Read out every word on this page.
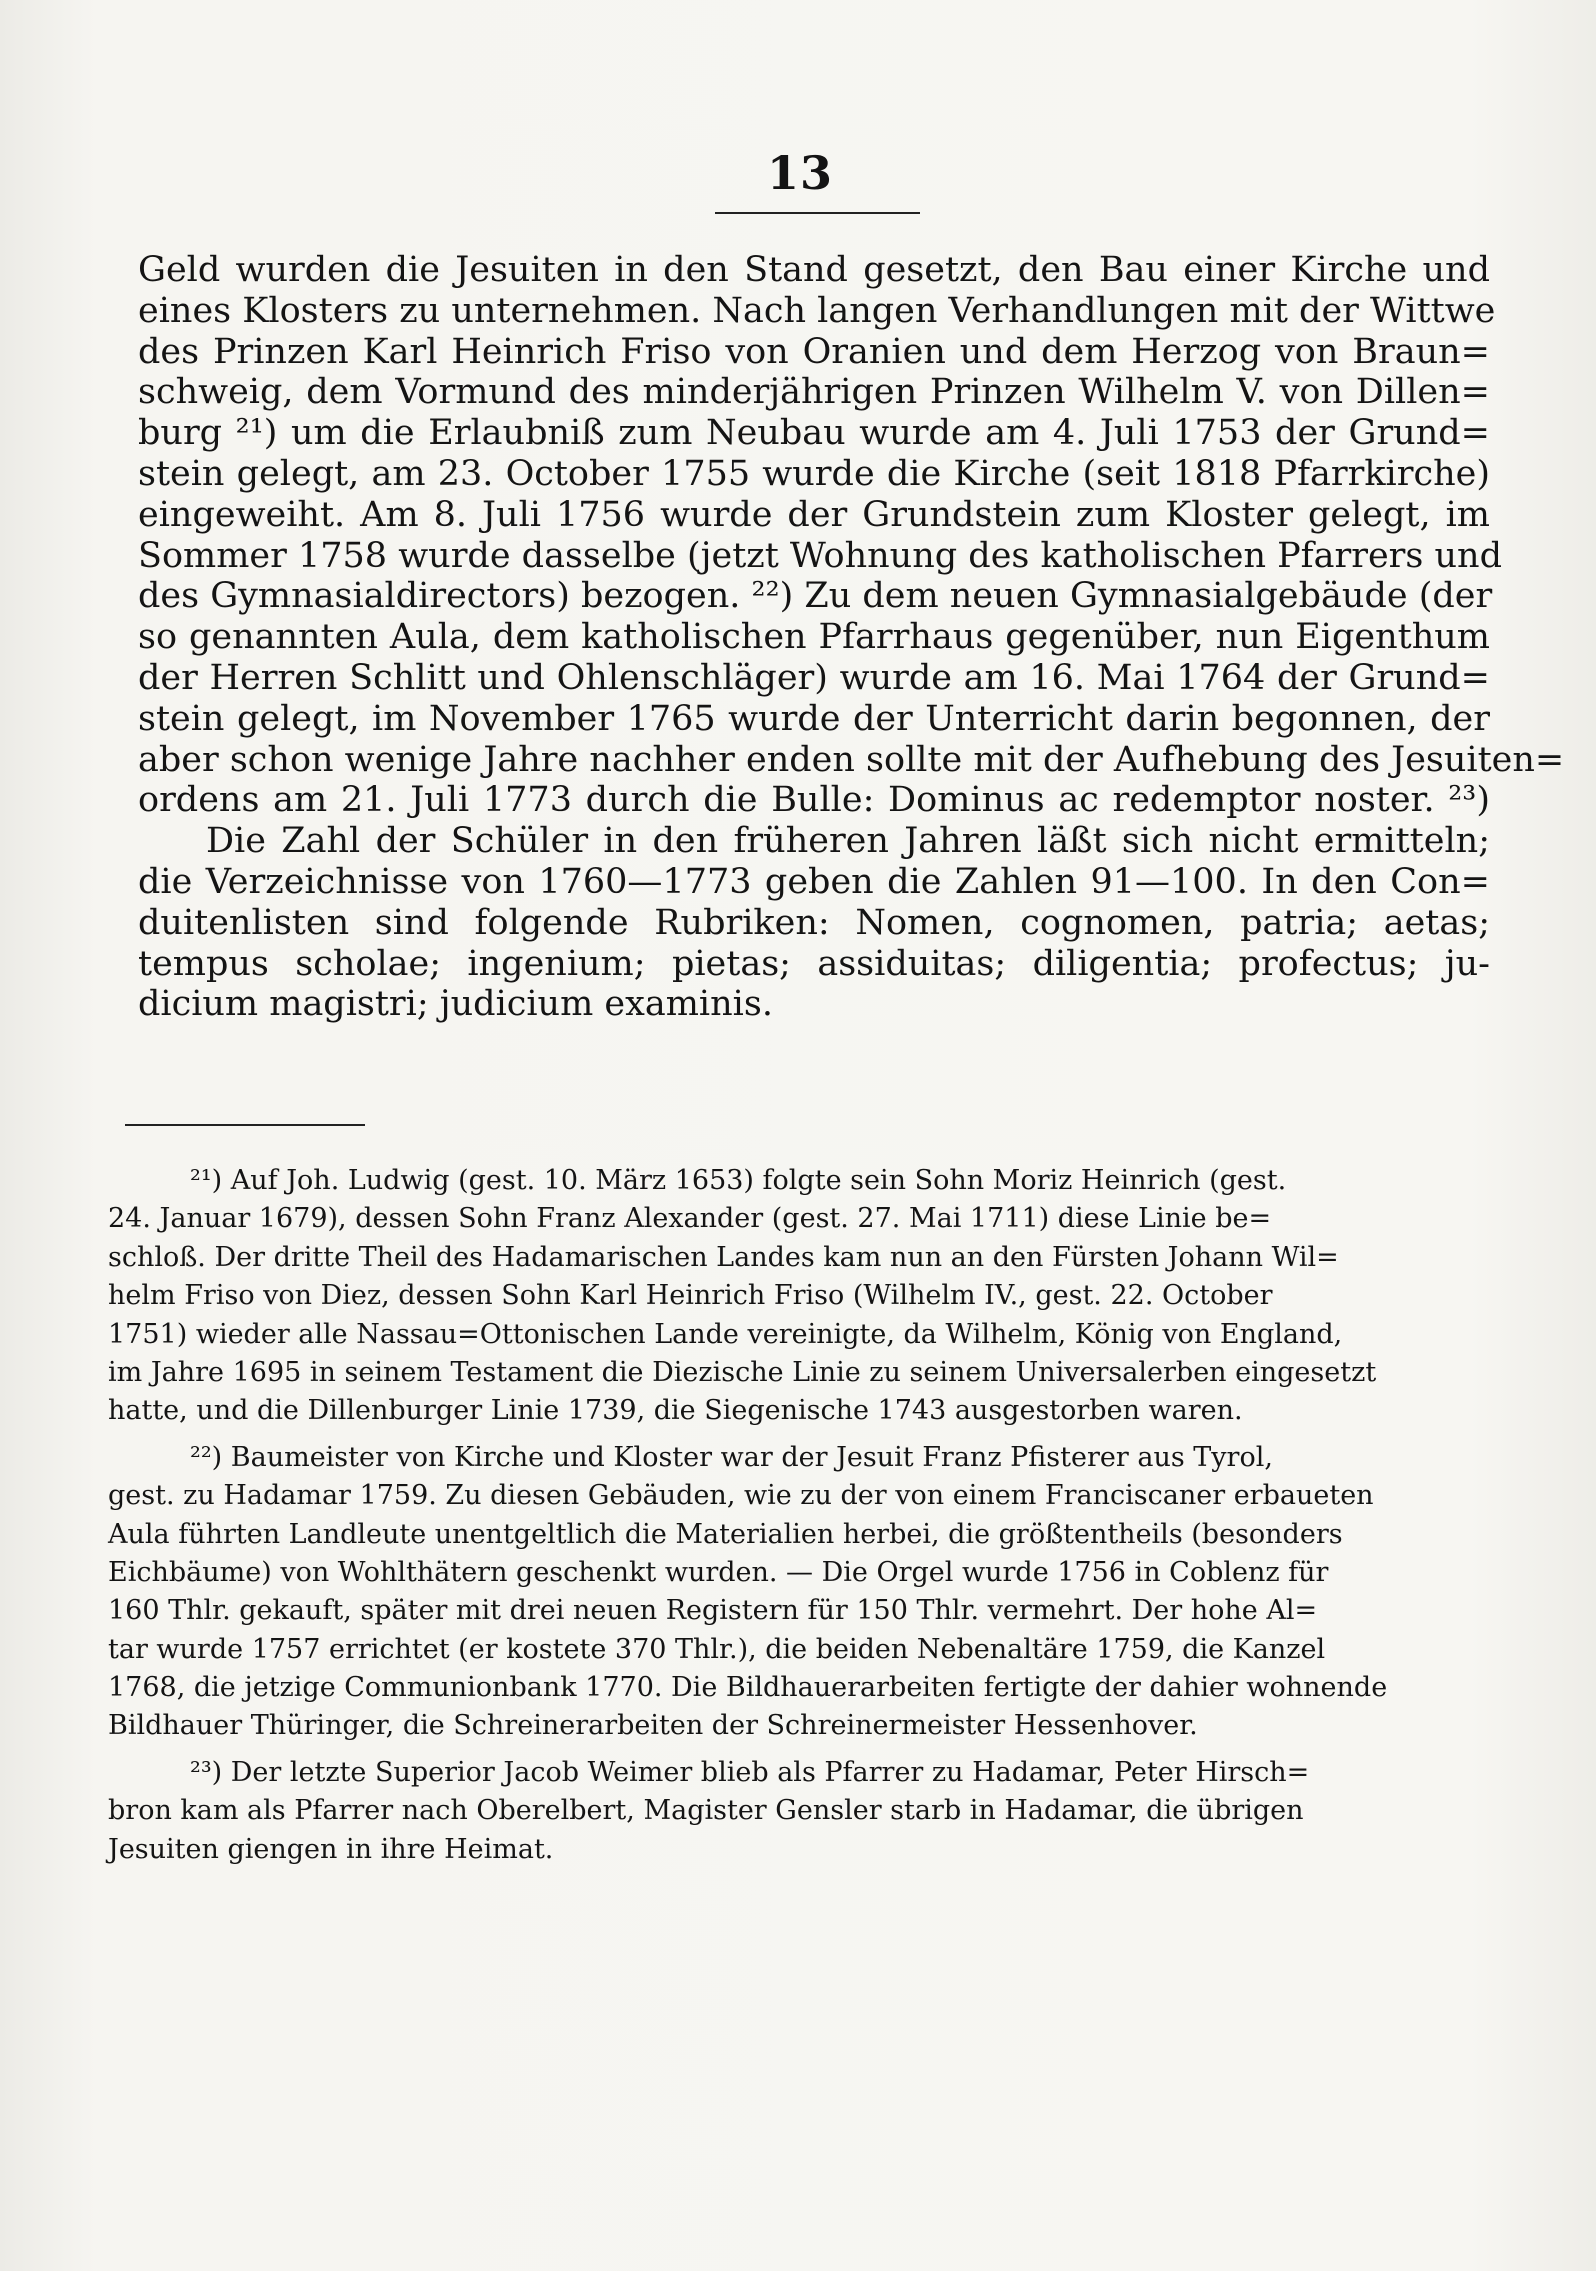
13
Geld wurden die Jesuiten in den Stand gesetzt, den Bau einer Kirche und
eines Klosters zu unternehmen. Nach langen Verhandlungen mit der Wittwe
des Prinzen Karl Heinrich Friso von Oranien und dem Herzog von Braun=
schweig, dem Vormund des minderjährigen Prinzen Wilhelm V. von Dillen=
burg ²¹) um die Erlaubniß zum Neubau wurde am 4. Juli 1753 der Grund=
stein gelegt, am 23. October 1755 wurde die Kirche (seit 1818 Pfarrkirche)
eingeweiht. Am 8. Juli 1756 wurde der Grundstein zum Kloster gelegt, im
Sommer 1758 wurde dasselbe (jetzt Wohnung des katholischen Pfarrers und
des Gymnasialdirectors) bezogen. ²²) Zu dem neuen Gymnasialgebäude (der
so genannten Aula, dem katholischen Pfarrhaus gegenüber, nun Eigenthum
der Herren Schlitt und Ohlenschläger) wurde am 16. Mai 1764 der Grund=
stein gelegt, im November 1765 wurde der Unterricht darin begonnen, der
aber schon wenige Jahre nachher enden sollte mit der Aufhebung des Jesuiten=
ordens am 21. Juli 1773 durch die Bulle: Dominus ac redemptor noster. ²³)
Die Zahl der Schüler in den früheren Jahren läßt sich nicht ermitteln;
die Verzeichnisse von 1760—1773 geben die Zahlen 91—100. In den Con=
duitenlisten sind folgende Rubriken: Nomen, cognomen, patria; aetas;
tempus scholae; ingenium; pietas; assiduitas; diligentia; profectus; ju-
dicium magistri; judicium examinis.
²¹) Auf Joh. Ludwig (gest. 10. März 1653) folgte sein Sohn Moriz Heinrich (gest.
24. Januar 1679), dessen Sohn Franz Alexander (gest. 27. Mai 1711) diese Linie be=
schloß. Der dritte Theil des Hadamarischen Landes kam nun an den Fürsten Johann Wil=
helm Friso von Diez, dessen Sohn Karl Heinrich Friso (Wilhelm IV., gest. 22. October
1751) wieder alle Nassau=Ottonischen Lande vereinigte, da Wilhelm, König von England,
im Jahre 1695 in seinem Testament die Diezische Linie zu seinem Universalerben eingesetzt
hatte, und die Dillenburger Linie 1739, die Siegenische 1743 ausgestorben waren.
²²) Baumeister von Kirche und Kloster war der Jesuit Franz Pfisterer aus Tyrol,
gest. zu Hadamar 1759. Zu diesen Gebäuden, wie zu der von einem Franciscaner erbaueten
Aula führten Landleute unentgeltlich die Materialien herbei, die größtentheils (besonders
Eichbäume) von Wohlthätern geschenkt wurden. — Die Orgel wurde 1756 in Coblenz für
160 Thlr. gekauft, später mit drei neuen Registern für 150 Thlr. vermehrt. Der hohe Al=
tar wurde 1757 errichtet (er kostete 370 Thlr.), die beiden Nebenaltäre 1759, die Kanzel
1768, die jetzige Communionbank 1770. Die Bildhauerarbeiten fertigte der dahier wohnende
Bildhauer Thüringer, die Schreinerarbeiten der Schreinermeister Hessenhover.
²³) Der letzte Superior Jacob Weimer blieb als Pfarrer zu Hadamar, Peter Hirsch=
bron kam als Pfarrer nach Oberelbert, Magister Gensler starb in Hadamar, die übrigen
Jesuiten giengen in ihre Heimat.
